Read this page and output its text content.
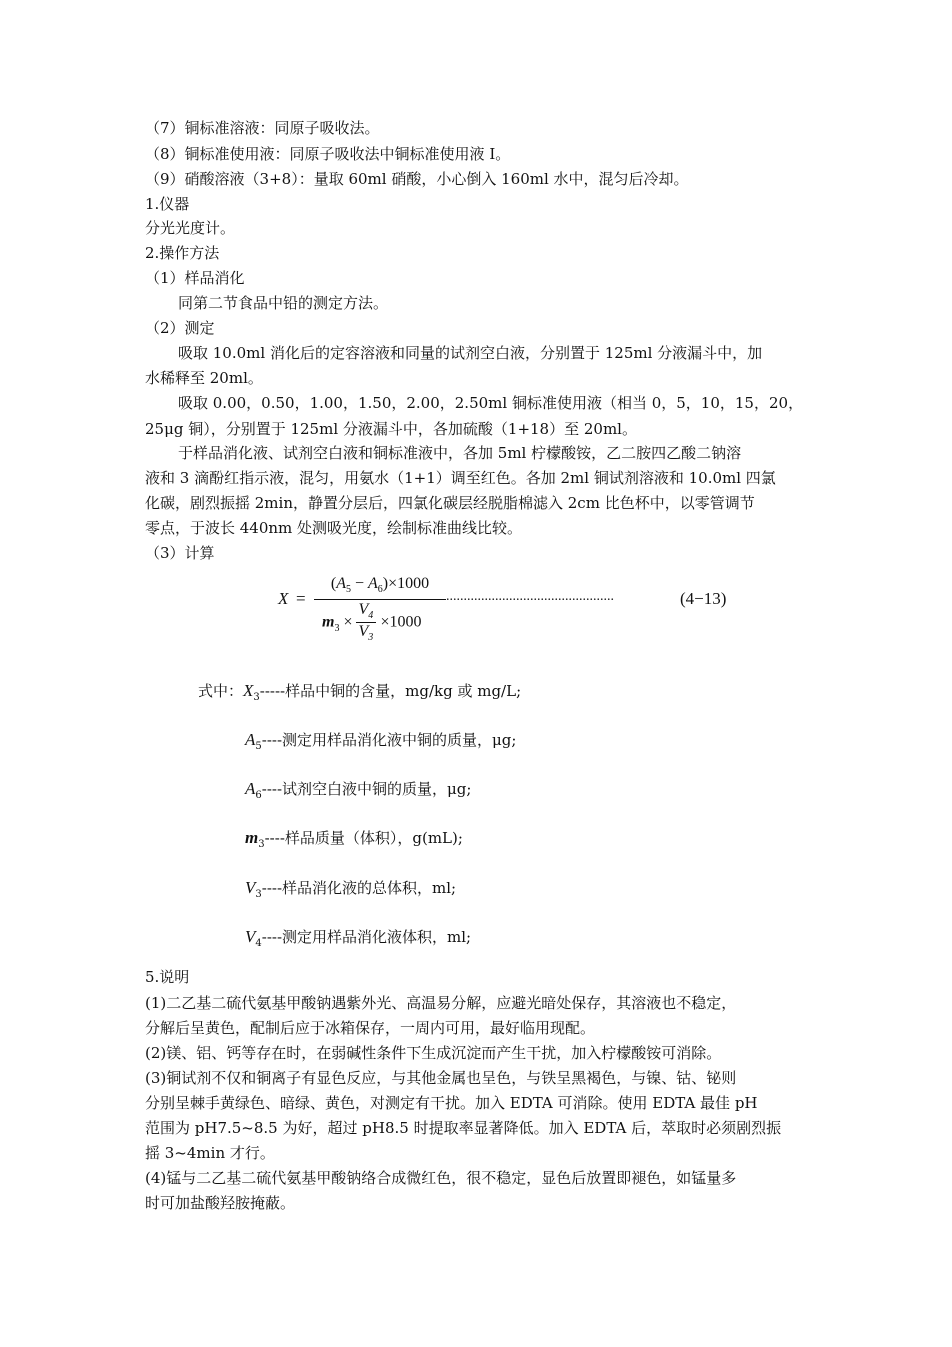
（7）铜标准溶液：同原子吸收法。
（8）铜标准使用液：同原子吸收法中铜标准使用液 I。
（9）硝酸溶液（3+8）：量取 60ml 硝酸，小心倒入 160ml 水中，混匀后冷却。
1.仪器
分光光度计。
2.操作方法
（1）样品消化
同第二节食品中铅的测定方法。
（2）测定
吸取 10.0ml 消化后的定容溶液和同量的试剂空白液，分别置于 125ml 分液漏斗中，加
水稀释至 20ml。
吸取 0.00，0.50，1.00，1.50，2.00，2.50ml 铜标准使用液（相当 0，5，10，15，20，
25μg 铜），分别置于 125ml 分液漏斗中，各加硫酸（1+18）至 20ml。
于样品消化液、试剂空白液和铜标准液中，各加 5ml 柠檬酸铵，乙二胺四乙酸二钠溶
液和 3 滴酚红指示液，混匀，用氨水（1+1）调至红色。各加 2ml 铜试剂溶液和 10.0ml 四氯
化碳，剧烈振摇 2min，静置分层后，四氯化碳层经脱脂棉滤入 2cm 比色杯中，以零管调节
零点，于波长 440nm 处测吸光度，绘制标准曲线比较。
（3）计算
X =
$(A_5 - A_6)\times 1000$
$m_3 \times \frac{V_4}{V_3} \times 1000$
................................................	(4−13)
式中：$X_3-----$样品中铜的含量，mg/kg 或 mg/L;
$A_5----$测定用样品消化液中铜的质量，μg;
$A_6----$试剂空白液中铜的质量，μg;
$m_3----$样品质量（体积），g(mL);
$V_3----$样品消化液的总体积，ml;
$V_4----$测定用样品消化液体积，ml;
5.说明
(1)二乙基二硫代氨基甲酸钠遇紫外光、高温易分解，应避光暗处保存，其溶液也不稳定，
分解后呈黄色，配制后应于冰箱保存，一周内可用，最好临用现配。
(2)镁、铝、钙等存在时，在弱碱性条件下生成沉淀而产生干扰，加入柠檬酸铵可消除。
(3)铜试剂不仅和铜离子有显色反应，与其他金属也呈色，与铁呈黑褐色，与镍、钴、铋则
分别呈棘手黄绿色、暗绿、黄色，对测定有干扰。加入 EDTA 可消除。使用 EDTA 最佳 pH
范围为 pH7.5~8.5 为好，超过 pH8.5 时提取率显著降低。加入 EDTA 后，萃取时必须剧烈振
摇 3~4min 才行。
(4)锰与二乙基二硫代氨基甲酸钠络合成微红色，很不稳定，显色后放置即褪色，如锰量多
时可加盐酸羟胺掩蔽。
